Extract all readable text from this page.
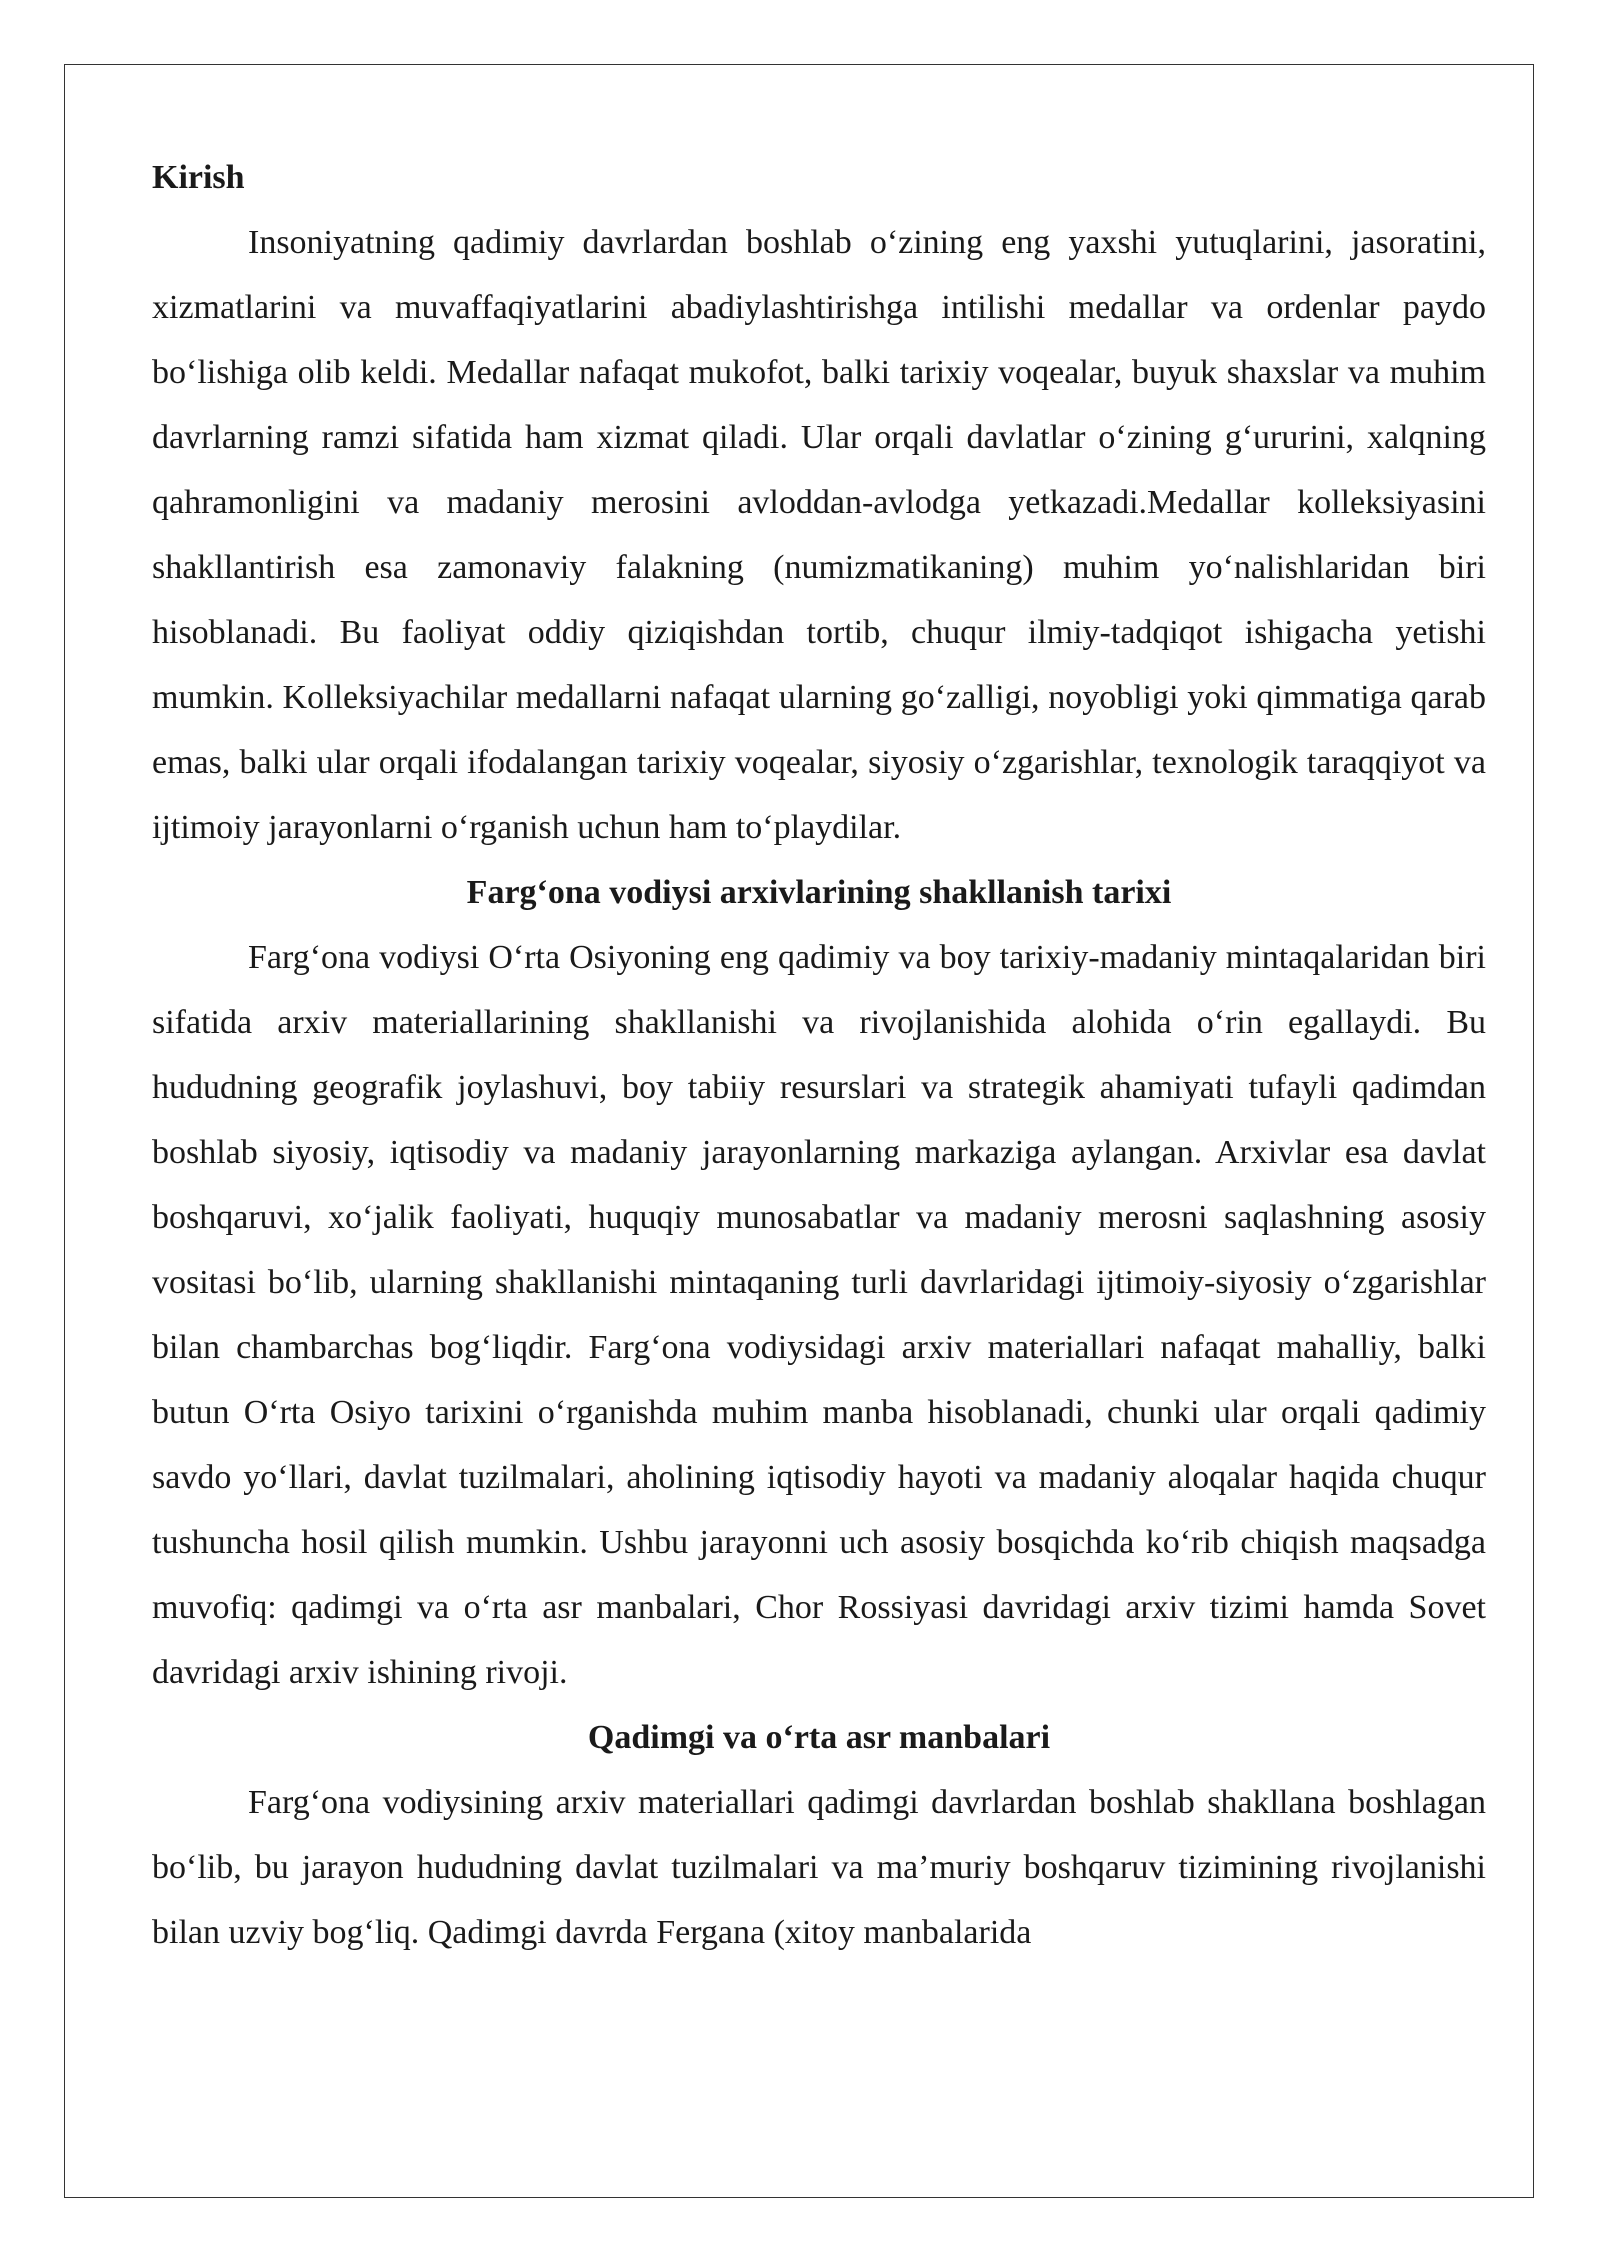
Kirish

Insoniyatning qadimiy davrlardan boshlab o‘zining eng yaxshi yutuqlarini, jasoratini, xizmatlarini va muvaffaqiyatlarini abadiylashtirishga intilishi medallar va ordenlar paydo bo‘lishiga olib keldi. Medallar nafaqat mukofot, balki tarixiy voqealar, buyuk shaxslar va muhim davrlarning ramzi sifatida ham xizmat qiladi. Ular orqali davlatlar o‘zining g‘ururini, xalqning qahramonligini va madaniy merosini avloddan-avlodga yetkazadi.Medallar kolleksiyasini shakllantirish esa zamonaviy falakning (numizmatikaning) muhim yo‘nalishlaridan biri hisoblanadi. Bu faoliyat oddiy qiziqishdan tortib, chuqur ilmiy-tadqiqot ishigacha yetishi mumkin. Kolleksiyachilar medallarni nafaqat ularning go‘zalligi, noyobligi yoki qimmatiga qarab emas, balki ular orqali ifodalangan tarixiy voqealar, siyosiy o‘zgarishlar, texnologik taraqqiyot va ijtimoiy jarayonlarni o‘rganish uchun ham to‘playdilar.

Farg‘ona vodiysi arxivlarining shakllanish tarixi

Farg‘ona vodiysi O‘rta Osiyoning eng qadimiy va boy tarixiy-madaniy mintaqalaridan biri sifatida arxiv materiallarining shakllanishi va rivojlanishida alohida o‘rin egallaydi. Bu hududning geografik joylashuvi, boy tabiiy resurslari va strategik ahamiyati tufayli qadimdan boshlab siyosiy, iqtisodiy va madaniy jarayonlarning markaziga aylangan. Arxivlar esa davlat boshqaruvi, xo‘jalik faoliyati, huquqiy munosabatlar va madaniy merosni saqlashning asosiy vositasi bo‘lib, ularning shakllanishi mintaqaning turli davrlaridagi ijtimoiy-siyosiy o‘zgarishlar bilan chambarchas bog‘liqdir. Farg‘ona vodiysidagi arxiv materiallari nafaqat mahalliy, balki butun O‘rta Osiyo tarixini o‘rganishda muhim manba hisoblanadi, chunki ular orqali qadimiy savdo yo‘llari, davlat tuzilmalari, aholining iqtisodiy hayoti va madaniy aloqalar haqida chuqur tushuncha hosil qilish mumkin. Ushbu jarayonni uch asosiy bosqichda ko‘rib chiqish maqsadga muvofiq: qadimgi va o‘rta asr manbalari, Chor Rossiyasi davridagi arxiv tizimi hamda Sovet davridagi arxiv ishining rivoji.

Qadimgi va o‘rta asr manbalari

Farg‘ona vodiysining arxiv materiallari qadimgi davrlardan boshlab shakllana boshlagan bo‘lib, bu jarayon hududning davlat tuzilmalari va ma’muriy boshqaruv tizimining rivojlanishi bilan uzviy bog‘liq. Qadimgi davrda Fergana (xitoy manbalarida
